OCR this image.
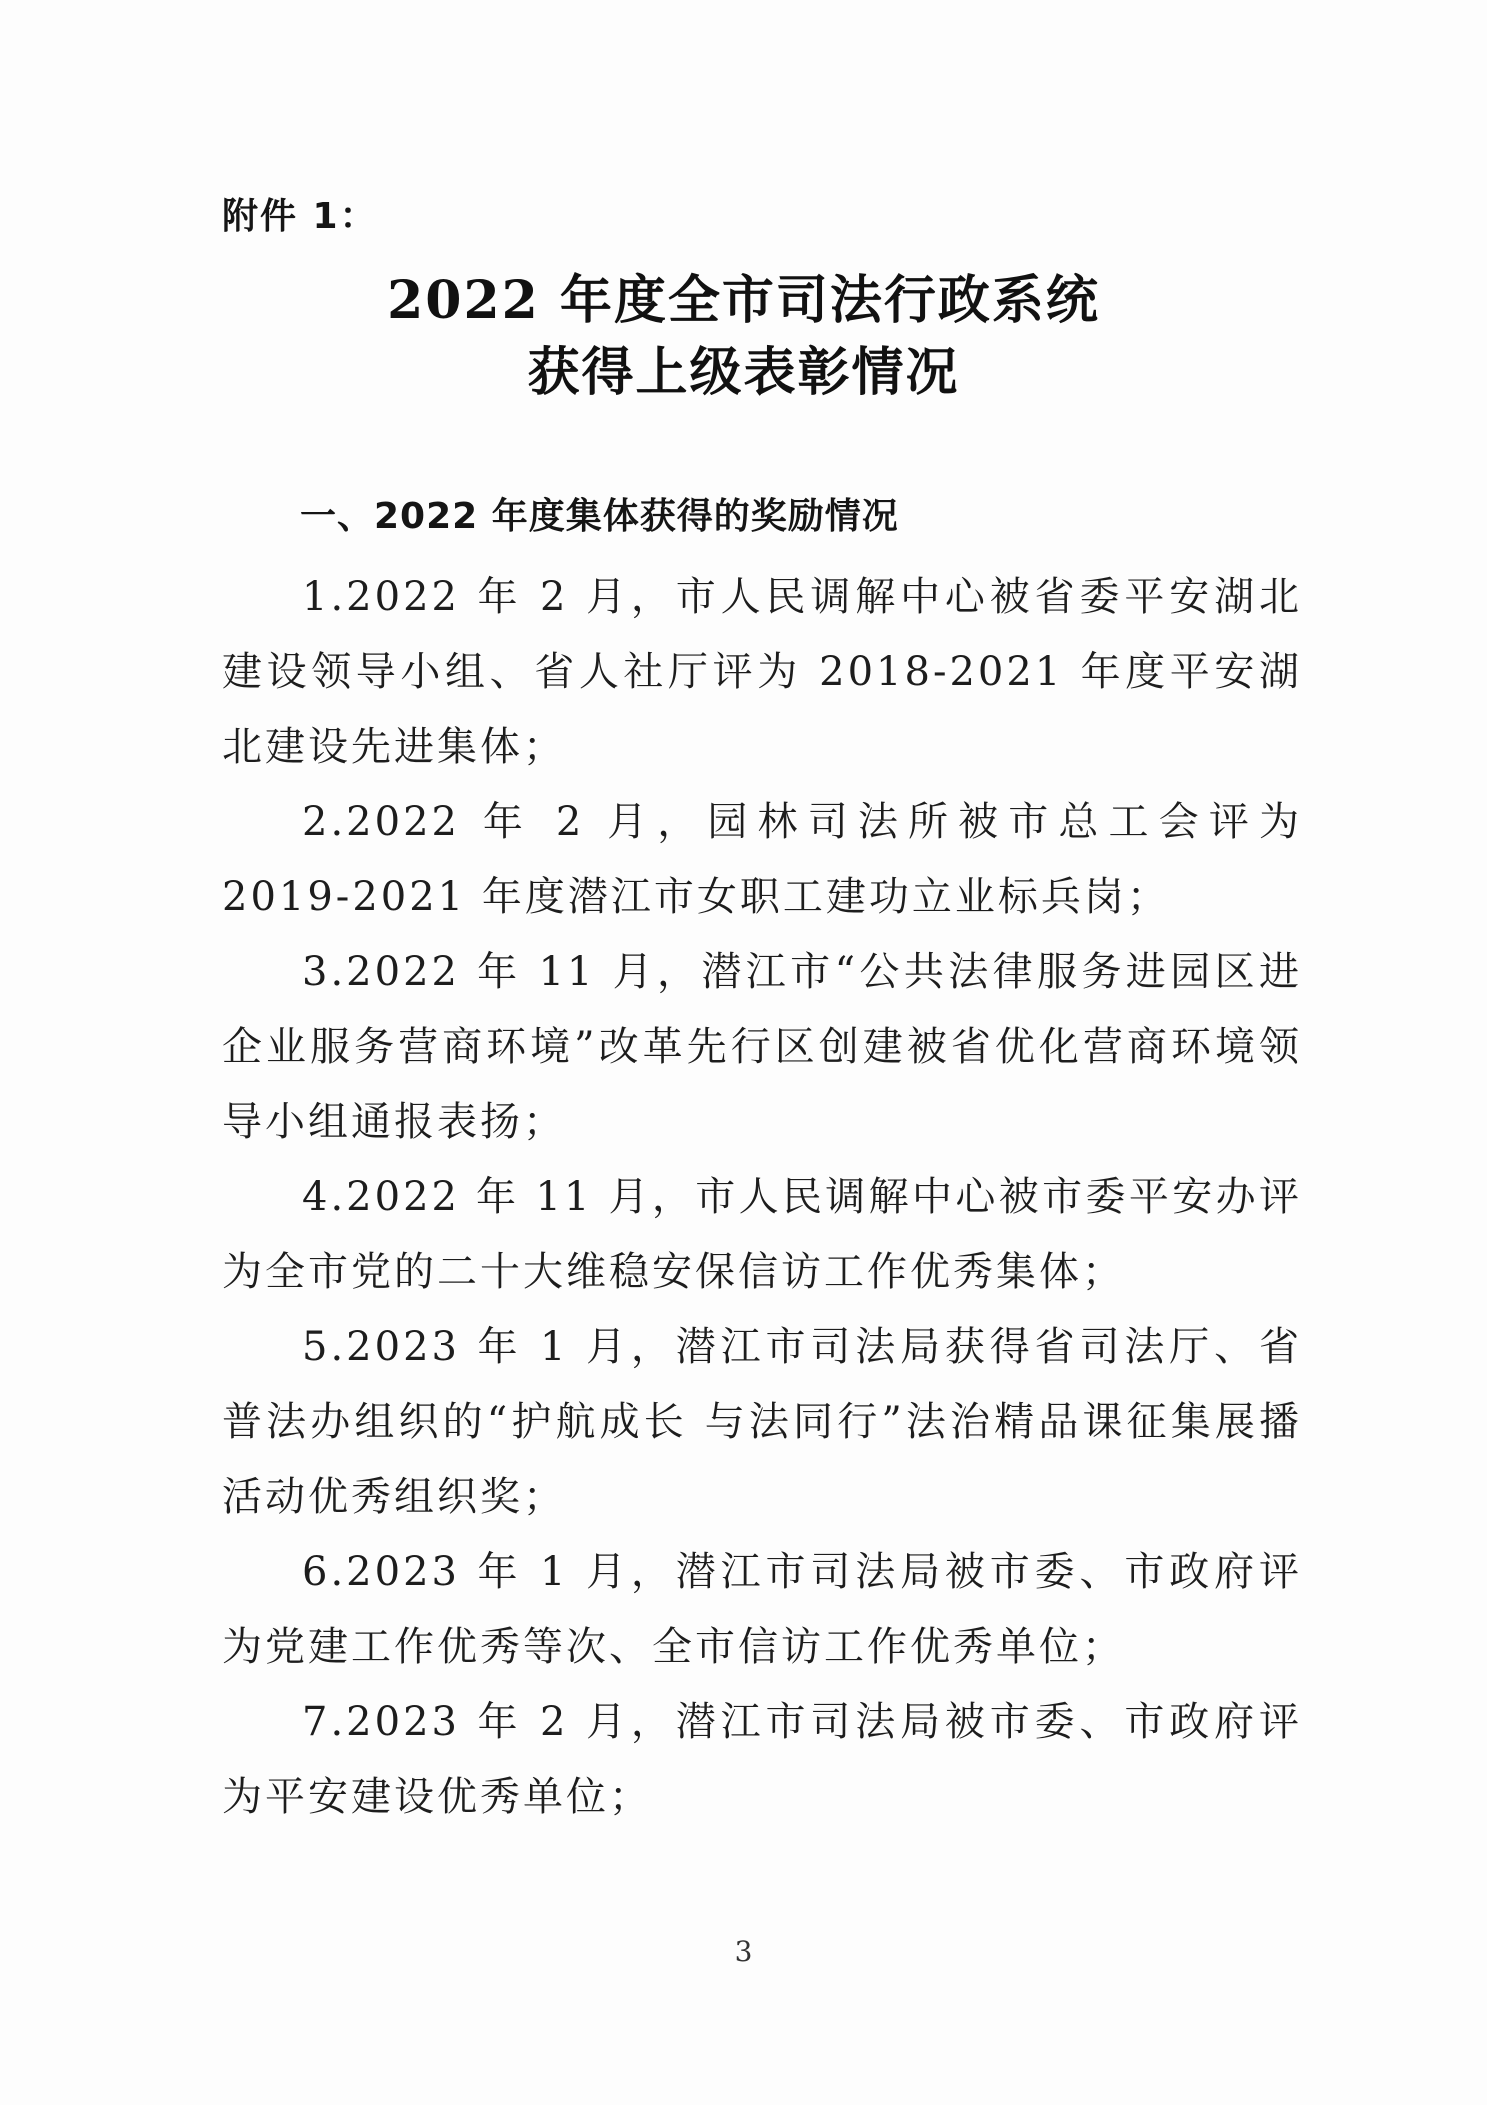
附件 1：
2022 年度全市司法行政系统
获得上级表彰情况
一、2022 年度集体获得的奖励情况

1.2022 年 2 月，市人民调解中心被省委平安湖北建设领导小组、省人社厅评为 2018-2021 年度平安湖北建设先进集体；

2.2022 年 2 月，园林司法所被市总工会评为 2019-2021 年度潜江市女职工建功立业标兵岗；

3.2022 年 11 月，潜江市“公共法律服务进园区进企业服务营商环境”改革先行区创建被省优化营商环境领导小组通报表扬；

4.2022 年 11 月，市人民调解中心被市委平安办评为全市党的二十大维稳安保信访工作优秀集体；

5.2023 年 1 月，潜江市司法局获得省司法厅、省普法办组织的“护航成长 与法同行”法治精品课征集展播活动优秀组织奖；

6.2023 年 1 月，潜江市司法局被市委、市政府评为党建工作优秀等次、全市信访工作优秀单位；

7.2023 年 2 月，潜江市司法局被市委、市政府评为平安建设优秀单位；

3
